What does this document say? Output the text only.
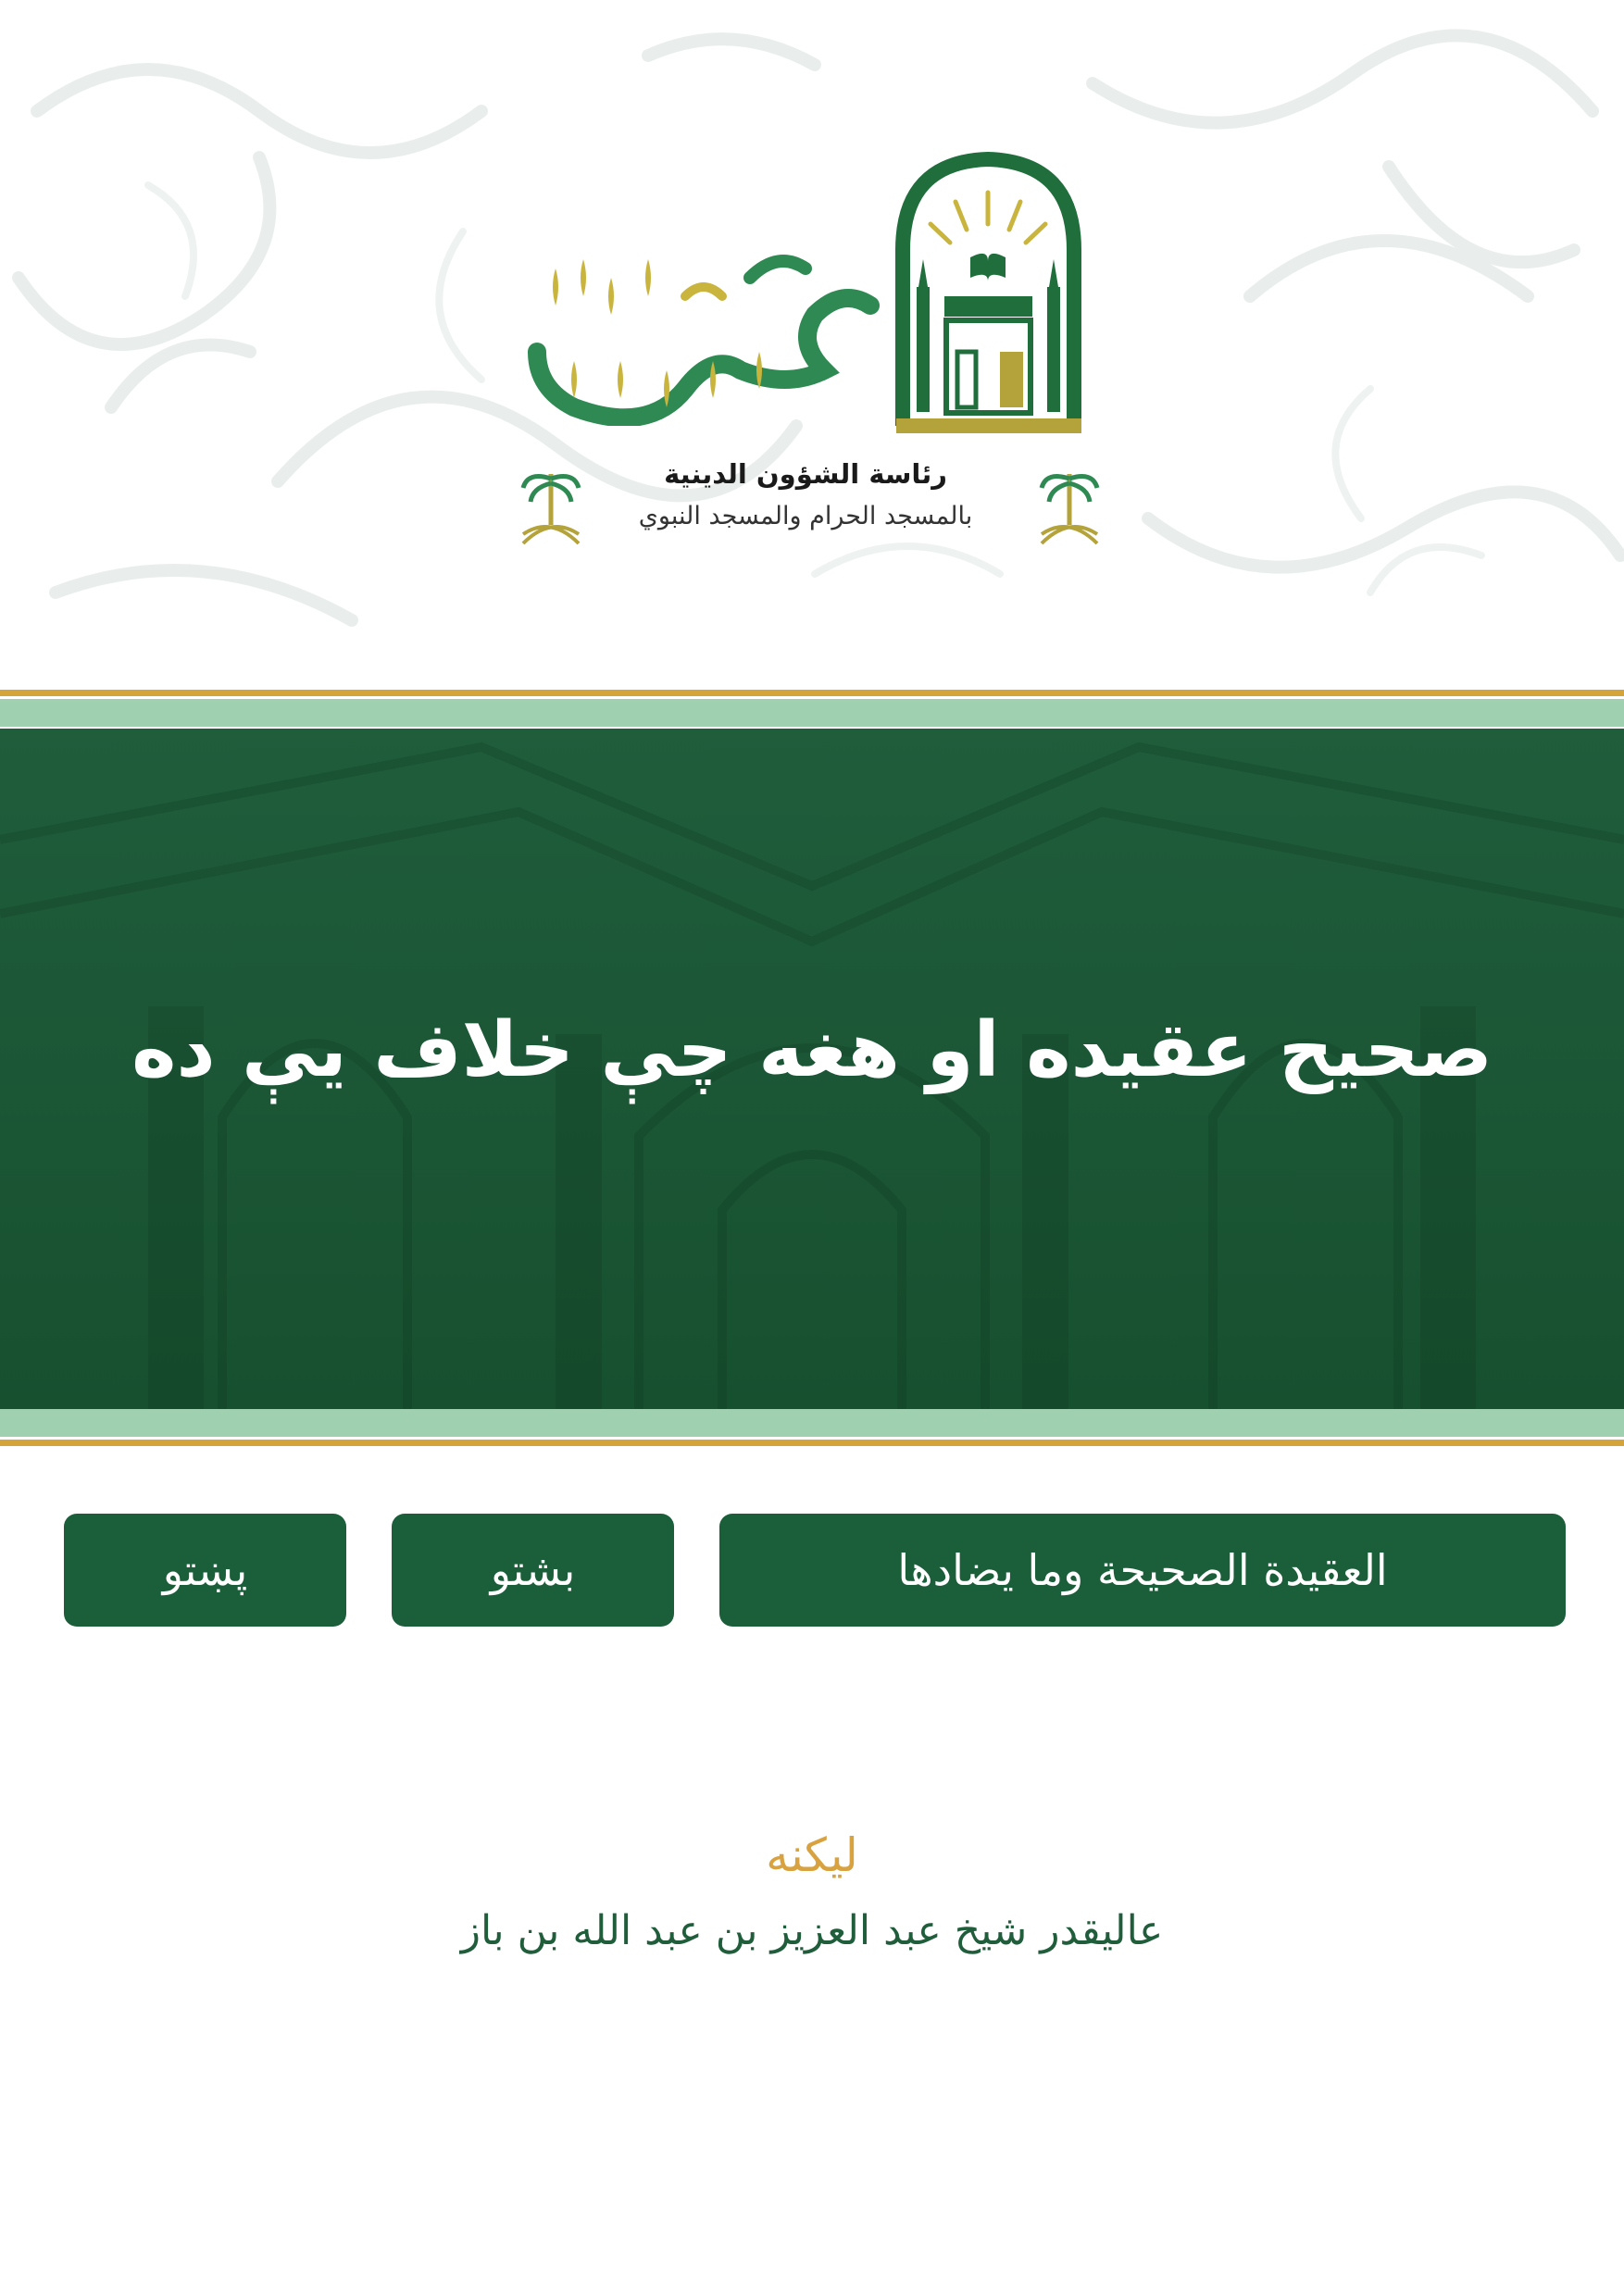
رئاسة الشؤون الدينية
بالمسجد الحرام والمسجد النبوي
صحيح عقيده او هغه چې خلاف یې ده
العقيدة الصحيحة وما يضادها
بشتو
پښتو
ليکنه
عالیقدر شیخ عبد العزیز بن عبد الله بن باز
